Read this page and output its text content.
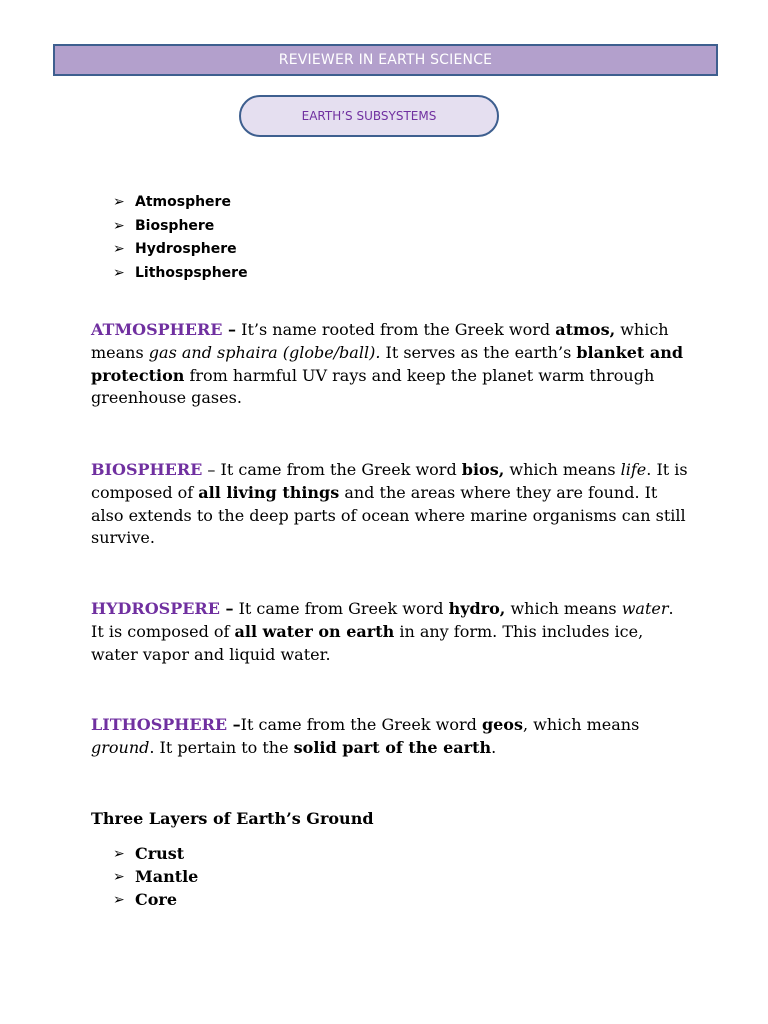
REVIEWER IN EARTH SCIENCE
EARTH’S SUBSYSTEMS
➢ Atmosphere
➢ Biosphere
➢ Hydrosphere
➢ Lithospsphere

ATMOSPHERE – It’s name rooted from the Greek word atmos, which means gas and sphaira (globe/ball). It serves as the earth’s blanket and protection from harmful UV rays and keep the planet warm through greenhouse gases.

BIOSPHERE – It came from the Greek word bios, which means life. It is composed of all living things and the areas where they are found. It also extends to the deep parts of ocean where marine organisms can still survive.

HYDROSPERE – It came from Greek word hydro, which means water. It is composed of all water on earth in any form. This includes ice, water vapor and liquid water.

LITHOSPHERE –It came from the Greek word geos, which means ground. It pertain to the solid part of the earth.

Three Layers of Earth’s Ground

➢ Crust
➢ Mantle
➢ Core
